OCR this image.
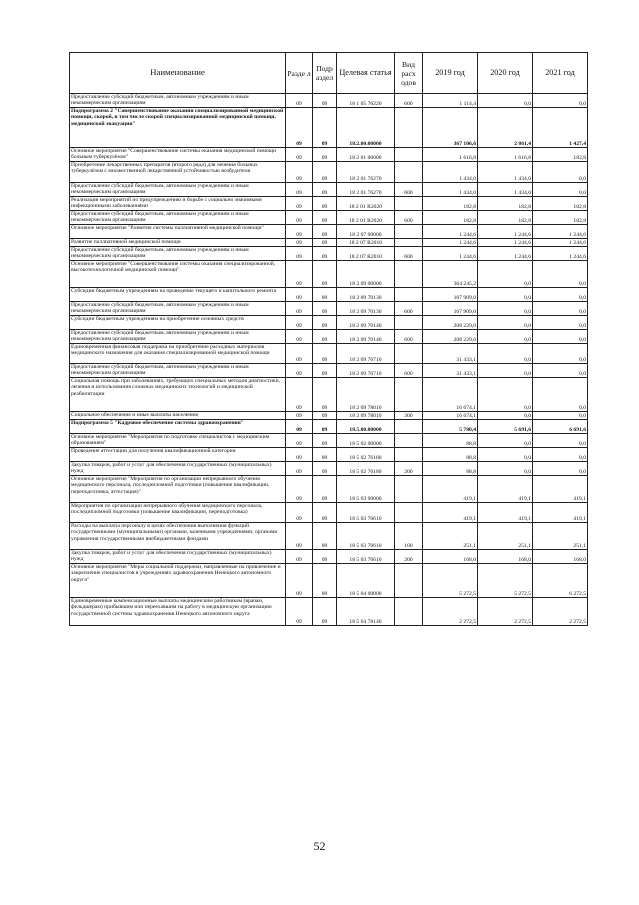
Наименование	Разде л	Подр аздел	Целевая статья	Вид расх одов	2019 год	2020 год	2021 год
Предоставление субсидий бюджетным, автономным учреждениям и иным некоммерческим организациям	09	09	18 1 05 76220	600	1 114,4	0,0	0,0
Подпрограмма 2 "Совершенствование оказания специализированной медицинской помощи, скорой, в том числе скорой специализированной медицинской помощи, медицинской эвакуации"	09	09	18.2.00.00000		367 106,6	2 861,4	1 427,4
Основное мероприятие "Совершенствование системы оказания медицинской помощи больным туберкулёзом"	09	09	18 2 01 00000		1 616,8	1 616,8	182,8
Приобретение лекарственных препаратов (второго ряда) для лечения больных туберкулёзом с множественной лекарственной устойчивостью возбудителя	09	09	18 2 01 76270		1 434,0	1 434,0	0,0
Предоставление субсидий бюджетным, автономным учреждениям и иным некоммерческим организациям	09	09	18 2 01 76270	600	1 434,0	1 434,0	0,0
Реализация мероприятий по предупреждению и борьбе с социально значимыми инфекционными заболеваниями	09	09	18 2 01 R2020		182,8	182,8	182,8
Предоставление субсидий бюджетным, автономным учреждениям и иным некоммерческим организациям	09	09	18 2 01 R2020	600	182,8	182,8	182,8
Основное мероприятие "Развитие системы паллиативной медицинской помощи"	09	09	18 2 07 00000		1 244,6	1 244,6	1 244,6
Развитие паллиативной медицинской помощи	09	09	18 2 07 R2010		1 244,6	1 244,6	1 244,6
Предоставление субсидий бюджетным, автономным учреждениям и иным некоммерческим организациям	09	09	18 2 07 R2010	600	1 244,6	1 244,6	1 244,6
Основное мероприятие "Совершенствование системы оказания специализированной, высокотехнологичной медицинской помощи"	09	09	18 2 09 00000		364 245,2	0,0	0,0
Субсидии бюджетным учреждениям на проведение текущего и капитального ремонта	09	09	18 2 09 70130		107 909,0	0,0	0,0
Предоставление субсидий бюджетным, автономным учреждениям и иным некоммерческим организациям	09	09	18 2 09 70130	600	107 909,0	0,0	0,0
Субсидии бюджетным учреждениям на приобретение основных средств	09	09	18 2 09 70140		208 229,0	0,0	0,0
Предоставление субсидий бюджетным, автономным учреждениям и иным некоммерческим организациям	09	09	18 2 09 70140	600	208 229,0	0,0	0,0
Единовременная финансовая поддержка на приобретение расходных материалов медицинского назначения для оказания специализированной медицинской помощи	09	09	18 2 09 76710		31 433,1	0,0	0,0
Предоставление субсидий бюджетным, автономным учреждениям и иным некоммерческим организациям	09	09	18 2 09 76710	600	31 433,1	0,0	0,0
Социальная помощь при заболеваниях, требующих специальных методов диагностики, лечения и использования сложных медицинских технологий и медицинской реабилитации	09	09	18 2 09 78010		16 674,1	0,0	0,0
Социальное обеспечение и иные выплаты населению	09	09	18 2 09 78010	300	16 674,1	0,0	0,0
Подпрограмма 5 "Кадровое обеспечение системы здравоохранения"	09	09	18.5.00.00000		5 780,4	5 691,6	6 691,6
Основное мероприятие "Мероприятия по подготовке специалистов с медицинским образованием"	09	09	18 5 02 00000		88,8	0,0	0,0
Проведение аттестации для получения квалификационной категории	09	09	18 5 02 76180		88,8	0,0	0,0
Закупка товаров, работ и услуг для обеспечения государственных (муниципальных) нужд	09	09	18 5 02 76180	200	88,8	0,0	0,0
Основное мероприятие "Мероприятия по организации непрерывного обучения медицинского персонала, последипломной подготовки (повышение квалификации, переподготовка, аттестация)"	09	09	18 5 03 00000		419,1	419,1	419,1
Мероприятия по организации непрерывного обучения медицинского персонала, последипломной подготовки (повышение квалификации, переподготовка)	09	09	18 5 03 76610		419,1	419,1	419,1
Расходы на выплаты персоналу в целях обеспечения выполнения функций государственными (муниципальными) органами, казенными учреждениями, органами управления государственными внебюджетными фондами	09	09	18 5 03 76610	100	251,1	251,1	251,1
Закупка товаров, работ и услуг для обеспечения государственных (муниципальных) нужд	09	09	18 5 03 76610	200	168,0	168,0	168,0
Основное мероприятие "Меры социальной поддержки, направленные на привлечение и закрепление специалистов в учреждениях здравоохранения Ненецкого автономного округа"	09	09	18 5 04 00000		5 272,5	5 272,5	6 272,5
Единовременные компенсационные выплаты медицинским работникам (врачам, фельдшерам) прибывшим или переехавшим на работу в медицинскую организацию государственной системы здравоохранения Ненецкого автономного округа	09	09	18 5 04 78140		2 272,5	2 272,5	2 272,5
52
